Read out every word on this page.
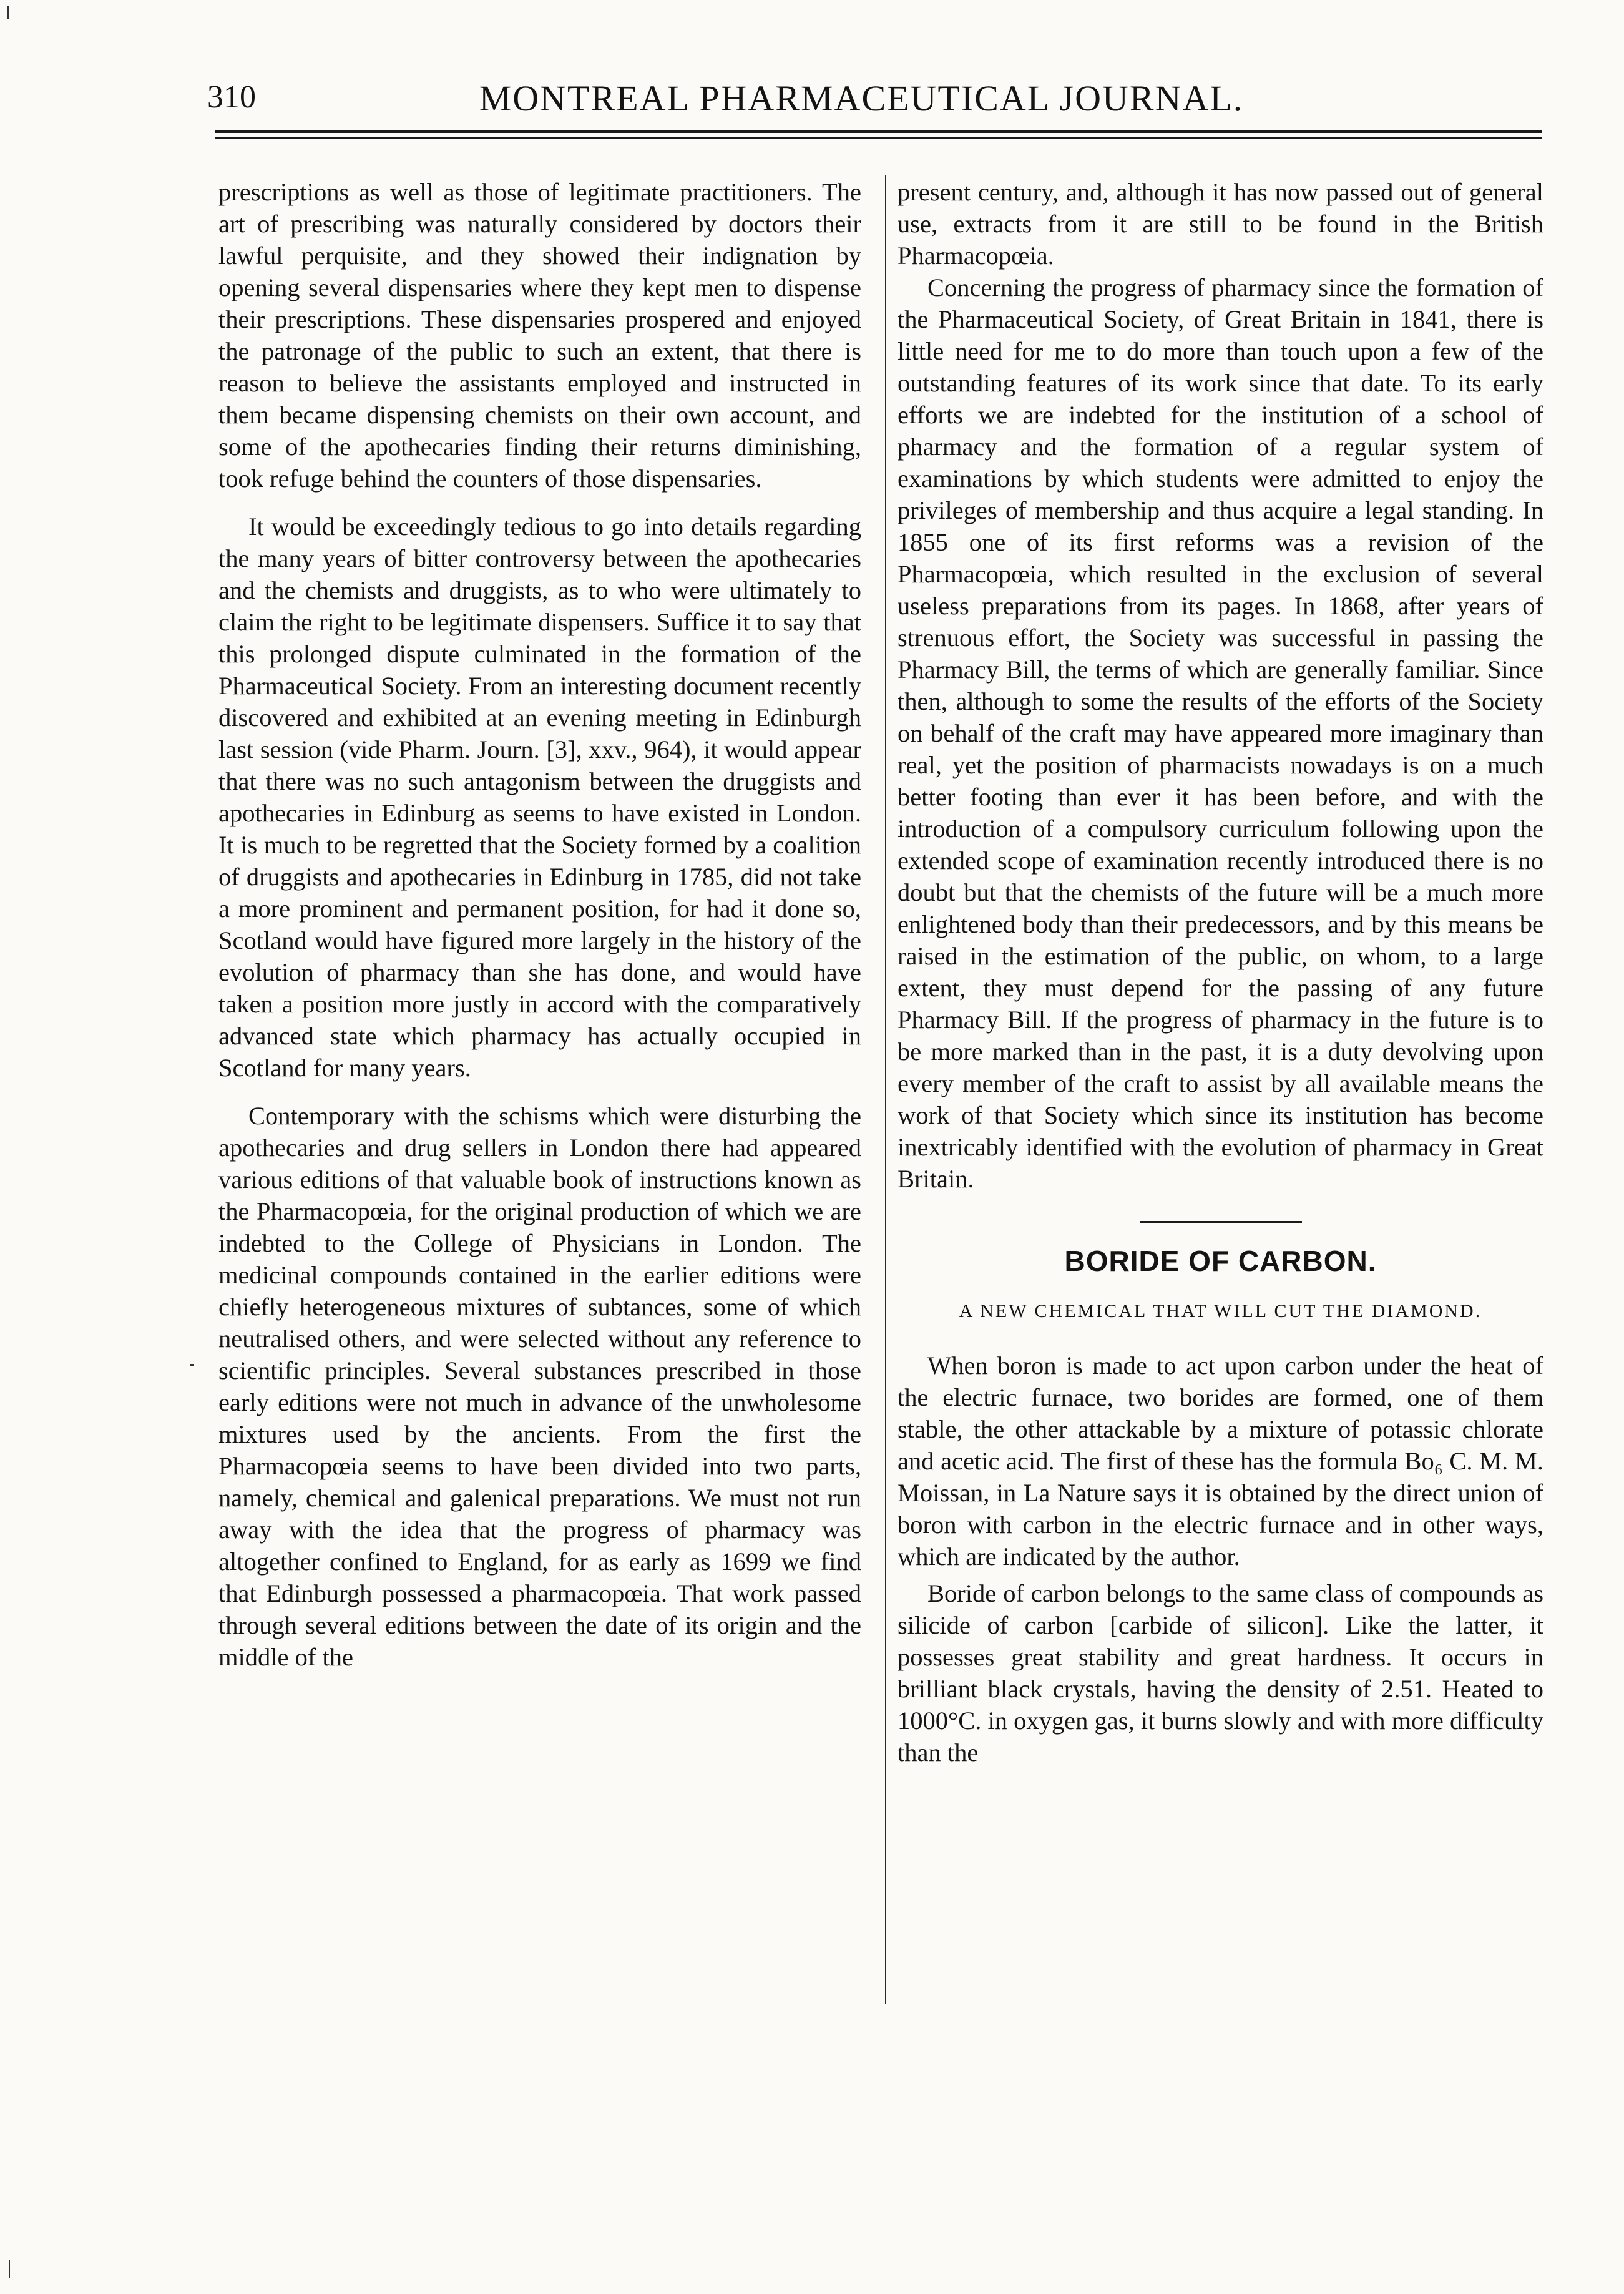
310	MONTREAL PHARMACEUTICAL JOURNAL.

prescriptions as well as those of legitimate practitioners. The art of prescribing was naturally considered by doctors their lawful perquisite, and they showed their indignation by opening several dispensaries where they kept men to dispense their prescriptions. These dispensaries prospered and enjoyed the patronage of the public to such an extent, that there is reason to believe the assistants employed and instructed in them became dispensing chemists on their own account, and some of the apothecaries finding their returns diminishing, took refuge behind the counters of those dispensaries.

It would be exceedingly tedious to go into details regarding the many years of bitter controversy between the apothecaries and the chemists and druggists, as to who were ultimately to claim the right to be legitimate dispensers. Suffice it to say that this prolonged dispute culminated in the formation of the Pharmaceutical Society. From an interesting document recently discovered and exhibited at an evening meeting in Edinburgh last session (vide Pharm. Journ. [3], xxv., 964), it would appear that there was no such antagonism between the druggists and apothecaries in Edinburg as seems to have existed in London. It is much to be regretted that the Society formed by a coalition of druggists and apothecaries in Edinburg in 1785, did not take a more prominent and permanent position, for had it done so, Scotland would have figured more largely in the history of the evolution of pharmacy than she has done, and would have taken a position more justly in accord with the comparatively advanced state which pharmacy has actually occupied in Scotland for many years.

Contemporary with the schisms which were disturbing the apothecaries and drug sellers in London there had appeared various editions of that valuable book of instructions known as the Pharmacopœia, for the original production of which we are indebted to the College of Physicians in London. The medicinal compounds contained in the earlier editions were chiefly heterogeneous mixtures of subtances, some of which neutralised others, and were selected without any reference to scientific principles. Several substances prescribed in those early editions were not much in advance of the unwholesome mixtures used by the ancients. From the first the Pharmacopœia seems to have been divided into two parts, namely, chemical and galenical preparations. We must not run away with the idea that the progress of pharmacy was altogether confined to England, for as early as 1699 we find that Edinburgh possessed a pharmacopœia. That work passed through several editions between the date of its origin and the middle of the

present century, and, although it has now passed out of general use, extracts from it are still to be found in the British Pharmacopœia.

Concerning the progress of pharmacy since the formation of the Pharmaceutical Society, of Great Britain in 1841, there is little need for me to do more than touch upon a few of the outstanding features of its work since that date. To its early efforts we are indebted for the institution of a school of pharmacy and the formation of a regular system of examinations by which students were admitted to enjoy the privileges of membership and thus acquire a legal standing. In 1855 one of its first reforms was a revision of the Pharmacopœia, which resulted in the exclusion of several useless preparations from its pages. In 1868, after years of strenuous effort, the Society was successful in passing the Pharmacy Bill, the terms of which are generally familiar. Since then, although to some the results of the efforts of the Society on behalf of the craft may have appeared more imaginary than real, yet the position of pharmacists nowadays is on a much better footing than ever it has been before, and with the introduction of a compulsory curriculum following upon the extended scope of examination recently introduced there is no doubt but that the chemists of the future will be a much more enlightened body than their predecessors, and by this means be raised in the estimation of the public, on whom, to a large extent, they must depend for the passing of any future Pharmacy Bill. If the progress of pharmacy in the future is to be more marked than in the past, it is a duty devolving upon every member of the craft to assist by all available means the work of that Society which since its institution has become inextricably identified with the evolution of pharmacy in Great Britain.

BORIDE OF CARBON.
A NEW CHEMICAL THAT WILL CUT THE DIAMOND.

When boron is made to act upon carbon under the heat of the electric furnace, two borides are formed, one of them stable, the other attackable by a mixture of potassic chlorate and acetic acid. The first of these has the formula Bo₆ C. M. M. Moissan, in La Nature says it is obtained by the direct union of boron with carbon in the electric furnace and in other ways, which are indicated by the author.

Boride of carbon belongs to the same class of compounds as silicide of carbon [carbide of silicon]. Like the latter, it possesses great stability and great hardness. It occurs in brilliant black crystals, having the density of 2.51. Heated to 1000°C. in oxygen gas, it burns slowly and with more difficulty than the
